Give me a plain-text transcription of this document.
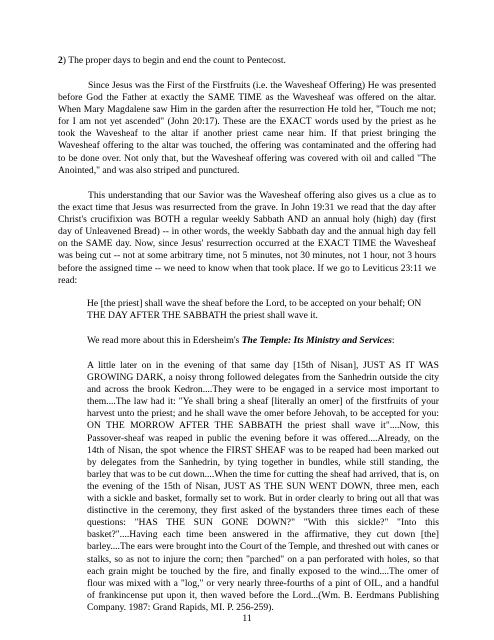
2) The proper days to begin and end the count to Pentecost.

Since Jesus was the First of the Firstfruits (i.e. the Wavesheaf Offering) He was presented before God the Father at exactly the SAME TIME as the Wavesheaf was offered on the altar. When Mary Magdalene saw Him in the garden after the resurrection He told her, "Touch me not; for I am not yet ascended" (John 20:17). These are the EXACT words used by the priest as he took the Wavesheaf to the altar if another priest came near him. If that priest bringing the Wavesheaf offering to the altar was touched, the offering was contaminated and the offering had to be done over. Not only that, but the Wavesheaf offering was covered with oil and called "The Anointed," and was also striped and punctured.

This understanding that our Savior was the Wavesheaf offering also gives us a clue as to the exact time that Jesus was resurrected from the grave. In John 19:31 we read that the day after Christ's crucifixion was BOTH a regular weekly Sabbath AND an annual holy (high) day (first day of Unleavened Bread) -- in other words, the weekly Sabbath day and the annual high day fell on the SAME day. Now, since Jesus' resurrection occurred at the EXACT TIME the Wavesheaf was being cut -- not at some arbitrary time, not 5 minutes, not 30 minutes, not 1 hour, not 3 hours before the assigned time -- we need to know when that took place. If we go to Leviticus 23:11 we read:

He [the priest] shall wave the sheaf before the Lord, to be accepted on your behalf; ON THE DAY AFTER THE SABBATH the priest shall wave it.

We read more about this in Edersheim's The Temple: Its Ministry and Services:

A little later on in the evening of that same day [15th of Nisan], JUST AS IT WAS GROWING DARK, a noisy throng followed delegates from the Sanhedrin outside the city and across the brook Kedron....They were to be engaged in a service most important to them....The law had it: "Ye shall bring a sheaf [literally an omer] of the firstfruits of your harvest unto the priest; and he shall wave the omer before Jehovah, to be accepted for you: ON THE MORROW AFTER THE SABBATH the priest shall wave it"....Now, this Passover-sheaf was reaped in public the evening before it was offered....Already, on the 14th of Nisan, the spot whence the FIRST SHEAF was to be reaped had been marked out by delegates from the Sanhedrin, by tying together in bundles, while still standing, the barley that was to be cut down....When the time for cutting the sheaf had arrived, that is, on the evening of the 15th of Nisan, JUST AS THE SUN WENT DOWN, three men, each with a sickle and basket, formally set to work. But in order clearly to bring out all that was distinctive in the ceremony, they first asked of the bystanders three times each of these questions: "HAS THE SUN GONE DOWN?" "With this sickle?" "Into this basket?"....Having each time been answered in the affirmative, they cut down [the] barley....The ears were brought into the Court of the Temple, and threshed out with canes or stalks, so as not to injure the corn; then "parched" on a pan perforated with holes, so that each grain might be touched by the fire, and finally exposed to the wind....The omer of flour was mixed with a "log," or very nearly three-fourths of a pint of OIL, and a handful of frankincense put upon it, then waved before the Lord...(Wm. B. Eerdmans Publishing Company. 1987: Grand Rapids, MI. P. 256-259).

11
